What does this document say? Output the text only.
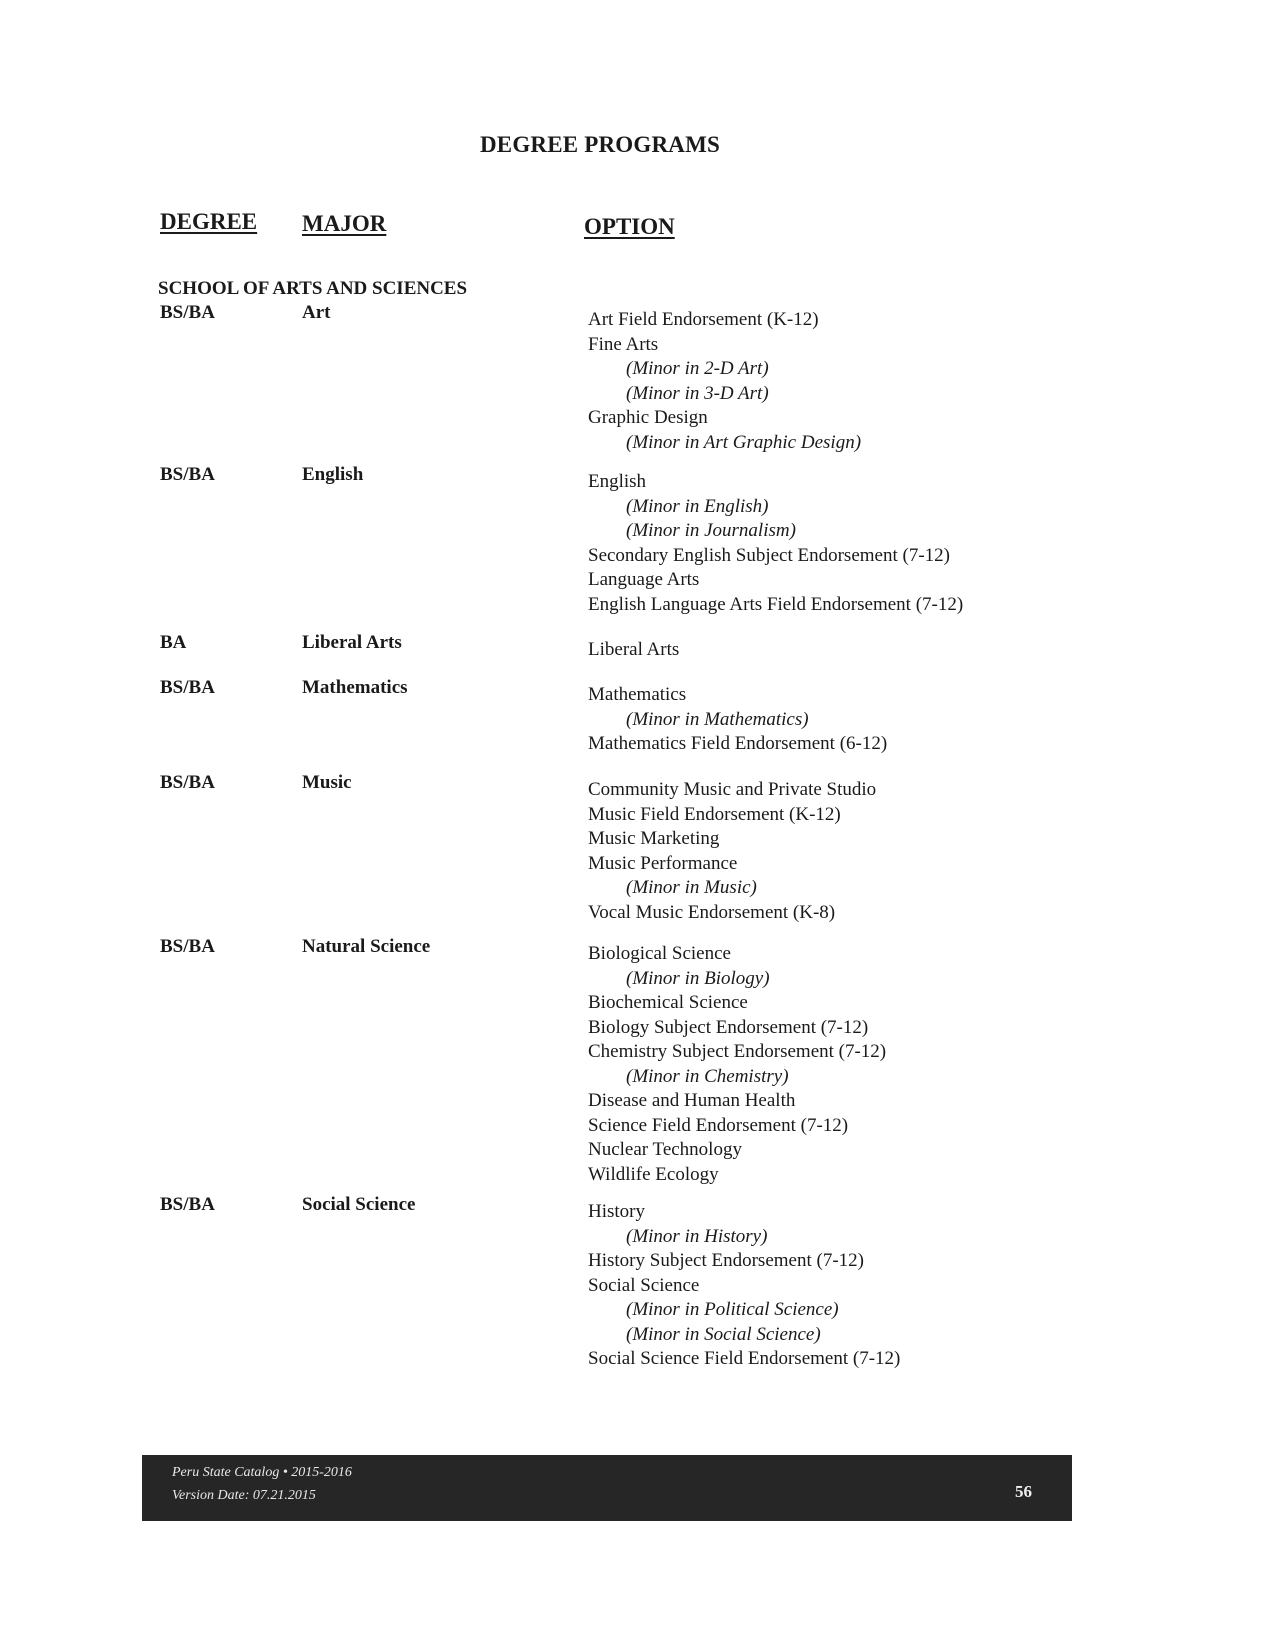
DEGREE PROGRAMS
DEGREE MAJOR	OPTION
SCHOOL OF ARTS AND SCIENCES
BS/BA	Art	Art Field Endorsement (K-12)
Fine Arts
(Minor in 2-D Art)
(Minor in 3-D Art)
Graphic Design
(Minor in Art Graphic Design)
BS/BA	English	English
(Minor in English)
(Minor in Journalism)
Secondary English Subject Endorsement (7-12)
Language Arts
English Language Arts Field Endorsement (7-12)
BA	Liberal Arts	Liberal Arts
BS/BA	Mathematics	Mathematics
(Minor in Mathematics)
Mathematics Field Endorsement (6-12)
BS/BA	Music	Community Music and Private Studio
Music Field Endorsement (K-12)
Music Marketing
Music Performance
(Minor in Music)
Vocal Music Endorsement (K-8)
BS/BA	Natural Science	Biological Science
(Minor in Biology)
Biochemical Science
Biology Subject Endorsement (7-12)
Chemistry Subject Endorsement (7-12)
(Minor in Chemistry)
Disease and Human Health
Science Field Endorsement (7-12)
Nuclear Technology
Wildlife Ecology
BS/BA	Social Science	History
(Minor in History)
History Subject Endorsement (7-12)
Social Science
(Minor in Political Science)
(Minor in Social Science)
Social Science Field Endorsement (7-12)
Peru State Catalog • 2015-2016
Version Date: 07.21.2015	56
